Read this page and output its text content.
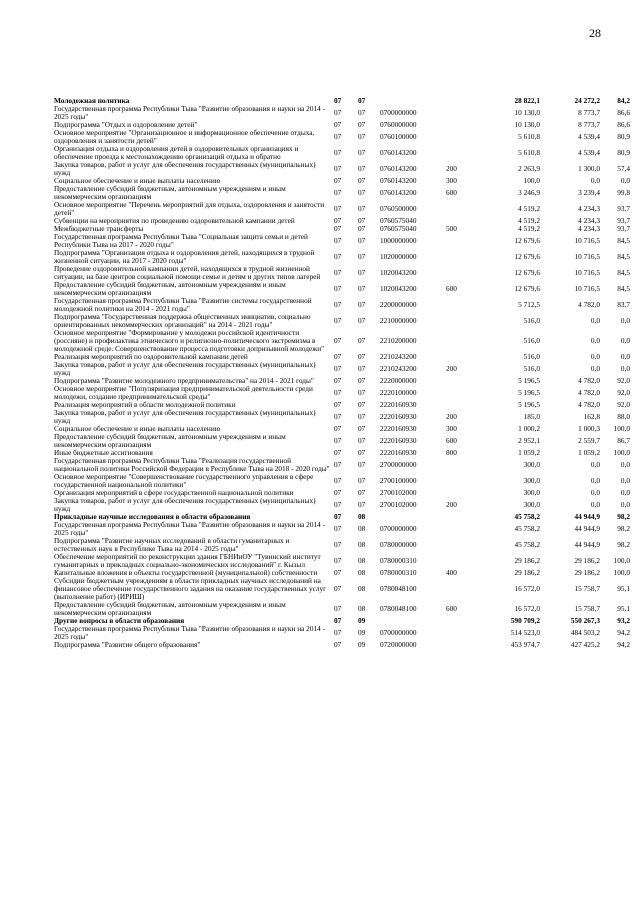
28
Молодежная политика	07	07			28 822,1	24 272,2	84,2
Государственная программа Республики Тыва "Развитие образования и науки на 2014 - 2025 годы"	07	07	0700000000		10 130,0	8 773,7	86,6
Подпрограмма "Отдых и оздоровление детей"	07	07	0760000000		10 130,0	8 773,7	86,6
Основное мероприятие "Организационное и информационное обеспечение отдыха, оздоровления и занятости детей"	07	07	0760100000		5 610,8	4 539,4	80,9
Организация отдыха и оздоровления детей в оздоровительных организациях и обеспечение проезда к местонахождению организаций отдыха и обратно	07	07	0760143200		5 610,8	4 539,4	80,9
Закупка товаров, работ и услуг для обеспечения государственных (муниципальных) нужд	07	07	0760143200	200	2 263,9	1 300,0	57,4
Социальное обеспечение и иные выплаты населению	07	07	0760143200	300	100,0	0,0	0,0
Предоставление субсидий бюджетным, автономным учреждениям и иным некоммерческим организациям	07	07	0760143200	600	3 246,9	3 239,4	99,8
Основное мероприятие "Перечень мероприятий для отдыха, оздоровления и занятости детей"	07	07	0760500000		4 519,2	4 234,3	93,7
Субвенции на мероприятия по проведению оздоровительной кампании детей	07	07	0760575040		4 519,2	4 234,3	93,7
Межбюджетные трансферты	07	07	0760575040	500	4 519,2	4 234,3	93,7
Государственная программа Республики Тыва "Социальная защита семьи и детей Республики Тыва на 2017 - 2020 годы"	07	07	1000000000		12 679,6	10 716,5	84,5
Подпрограмма "Организация отдыха и оздоровления детей, находящихся в трудной жизненной ситуации, на 2017 - 2020 годы"	07	07	1020000000		12 679,6	10 716,5	84,5
Проведение оздоровительной кампании детей, находящихся в трудной жизненной ситуации, на базе центров социальной помощи семье и детям и других типов лагерей	07	07	1020043200		12 679,6	10 716,5	84,5
Предоставление субсидий бюджетным, автономным учреждениям и иным некоммерческим организациям	07	07	1020043200	600	12 679,6	10 716,5	84,5
Государственная программа Республики Тыва "Развитие системы государственной молодежной политики на 2014 - 2021 годы"	07	07	2200000000		5 712,5	4 782,0	83,7
Подпрограмма "Государственная поддержка общественных инициатив, социально ориентированных некоммерческих организаций" на 2014 - 2021 годы"	07	07	2210000000		516,0	0,0	0,0
Основное мероприятие "Формирование у молодежи российской идентичности (россияне) и профилактика этнического и религиозно-политического экстремизма в молодежной среде. Совершенствование процесса подготовки допризывной молодежи"	07	07	2210200000		516,0	0,0	0,0
Реализация мероприятий по оздоровительной кампании детей	07	07	2210243200		516,0	0,0	0,0
Закупка товаров, работ и услуг для обеспечения государственных (муниципальных) нужд	07	07	2210243200	200	516,0	0,0	0,0
Подпрограмма "Развитие молодежного предпринимательства" на 2014 - 2021 годы"	07	07	2220000000		5 196,5	4 782,0	92,0
Основное мероприятие "Популяризация предпринимательской деятельности среди молодежи, создание предпринимательской среды"	07	07	2220100000		5 196,5	4 782,0	92,0
Реализация мероприятий в области молодежной политики	07	07	2220160930		5 196,5	4 782,0	92,0
Закупка товаров, работ и услуг для обеспечения государственных (муниципальных) нужд	07	07	2220160930	200	185,0	162,8	88,0
Социальное обеспечение и иные выплаты населению	07	07	2220160930	300	1 000,2	1 000,3	100,0
Предоставление субсидий бюджетным, автономным учреждениям и иным некоммерческим организациям	07	07	2220160930	600	2 952,1	2 559,7	86,7
Иные бюджетные ассигнования	07	07	2220160930	800	1 059,2	1 059,2	100,0
Государственная программа Республики Тыва "Реализация государственной национальной политики Российской Федерации в Республике Тыва на 2018 - 2020 годы"	07	07	2700000000		300,0	0,0	0,0
Основное мероприятие "Совершенствование государственного управления в сфере государственной национальной политики"	07	07	2700100000		300,0	0,0	0,0
Организация мероприятий в сфере государственной национальной политики	07	07	2700102000		300,0	0,0	0,0
Закупка товаров, работ и услуг для обеспечения государственных (муниципальных) нужд	07	07	2700102000	200	300,0	0,0	0,0
Прикладные научные исследования в области образования	07	08			45 758,2	44 944,9	98,2
Государственная программа Республики Тыва "Развитие образования и науки на 2014 - 2025 годы"	07	08	0700000000		45 758,2	44 944,9	98,2
Подпрограмма "Развитие научных исследований в области гуманитарных и естественных наук в Республике Тыва на 2014 - 2025 годы"	07	08	0780000000		45 758,2	44 944,9	98,2
Обеспечение мероприятий по реконструкции здания ГБНИиОУ "Тувинский институт гуманитарных и прикладных социально-экономических исследований" г. Кызыл	07	08	0780000310		29 186,2	29 186,2	100,0
Капитальные вложения в объекты государственной (муниципальной) собственности	07	08	0780000310	400	29 186,2	29 186,2	100,0
Субсидии бюджетным учреждениям в области прикладных научных исследований на финансовое обеспечение государственного задания на оказание государственных услуг (выполнение работ) (ИРИШ)	07	08	0780048100		16 572,0	15 758,7	95,1
Предоставление субсидий бюджетным, автономным учреждениям и иным некоммерческим организациям	07	08	0780048100	600	16 572,0	15 758,7	95,1
Другие вопросы в области образования	07	09			590 709,2	550 267,3	93,2
Государственная программа Республики Тыва "Развитие образования и науки на 2014 - 2025 годы"	07	09	0700000000		514 523,0	484 503,2	94,2
Подпрограмма "Развитие общего образования"	07	09	0720000000		453 974,7	427 425,2	94,2
